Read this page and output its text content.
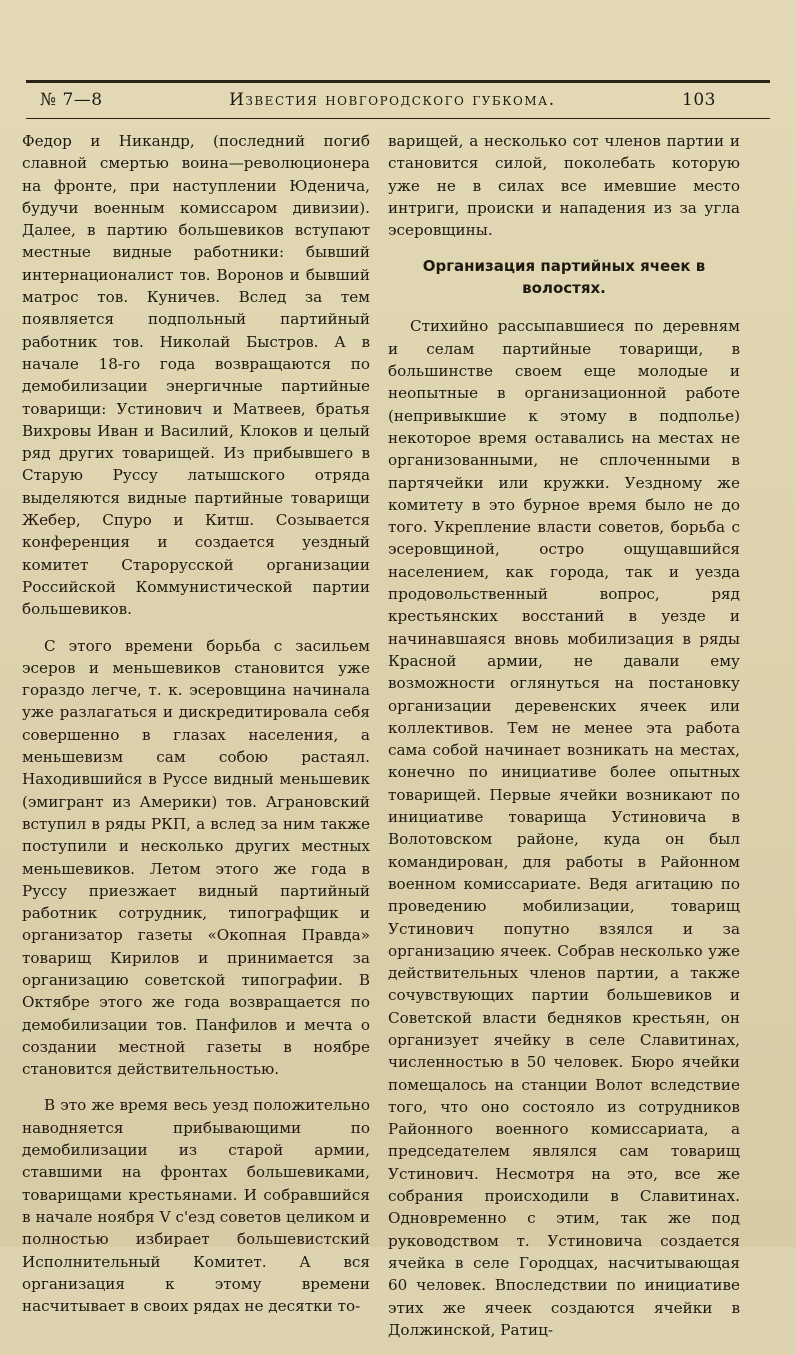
№ 7—8	Известия новгородского губкома.	103

Федор и Никандр, (последний погиб славной смертью воина—революционера на фронте, при наступлении Юденича, будучи военным комиссаром дивизии). Далее, в партию большевиков вступают местные видные работники: бывший интернационалист тов. Воронов и бывший матрос тов. Куничев. Вслед за тем появляется подпольный партийный работник тов. Николай Быстров. А в начале 18-го года возвращаются по демобилизации энергичные партийные товарищи: Устинович и Матвеев, братья Вихровы Иван и Василий, Клоков и целый ряд других товарищей. Из прибывшего в Старую Руссу латышского отряда выделяются видные партийные товарищи Жебер, Спуро и Китш. Созывается конференция и создается уездный комитет Старорусской организации Российской Коммунистической партии большевиков.

С этого времени борьба с засильем эсеров и меньшевиков становится уже гораздо легче, т. к. эсеровщина начинала уже разлагаться и дискредитировала себя совершенно в глазах населения, а меньшевизм сам собою растаял. Находившийся в Руссе видный меньшевик (эмигрант из Америки) тов. Аграновский вступил в ряды РКП, а вслед за ним также поступили и несколько других местных меньшевиков. Летом этого же года в Руссу приезжает видный партийный работник сотрудник, типографщик и организатор газеты «Окопная Правда» товарищ Кирилов и принимается за организацию советской типографии. В Октябре этого же года возвращается по демобилизации тов. Панфилов и мечта о создании местной газеты в ноябре становится действительностью.

В это же время весь уезд положительно наводняется прибывающими по демобилизации из старой армии, ставшими на фронтах большевиками, товарищами крестьянами. И собравшийся в начале ноября V с'езд советов целиком и полностью избирает большевистский Исполнительный Комитет. А вся организация к этому времени насчитывает в своих рядах не десятки то-

варищей, а несколько сот членов партии и становится силой, поколебать которую уже не в силах все имевшие место интриги, происки и нападения из за угла эсеровщины.

Организация партийных ячеек в волостях.

Стихийно рассыпавшиеся по деревням и селам партийные товарищи, в большинстве своем еще молодые и неопытные в организационной работе (непривыкшие к этому в подполье) некоторое время оставались на местах не организованными, не сплоченными в партячейки или кружки. Уездному же комитету в это бурное время было не до того. Укрепление власти советов, борьба с эсеровщиной, остро ощущавшийся населением, как города, так и уезда продовольственный вопрос, ряд крестьянских восстаний в уезде и начинавшаяся вновь мобилизация в ряды Красной армии, не давали ему возможности оглянуться на постановку организации деревенских ячеек или коллективов. Тем не менее эта работа сама собой начинает возникать на местах, конечно по инициативе более опытных товарищей. Первые ячейки возникают по инициативе товарища Устиновича в Волотовском районе, куда он был командирован, для работы в Районном военном комиссариате. Ведя агитацию по проведению мобилизации, товарищ Устинович попутно взялся и за организацию ячеек. Собрав несколько уже действительных членов партии, а также сочувствующих партии большевиков и Советской власти бедняков крестьян, он организует ячейку в селе Славитинах, численностью в 50 человек. Бюро ячейки помещалось на станции Волот вследствие того, что оно состояло из сотрудников Районного военного комиссариата, а председателем являлся сам товарищ Устинович. Несмотря на это, все же собрания происходили в Славитинах. Одновременно с этим, так же под руководством т. Устиновича создается ячейка в селе Городцах, насчитывающая 60 человек. Впоследствии по инициативе этих же ячеек создаются ячейки в Должинской, Ратиц-
